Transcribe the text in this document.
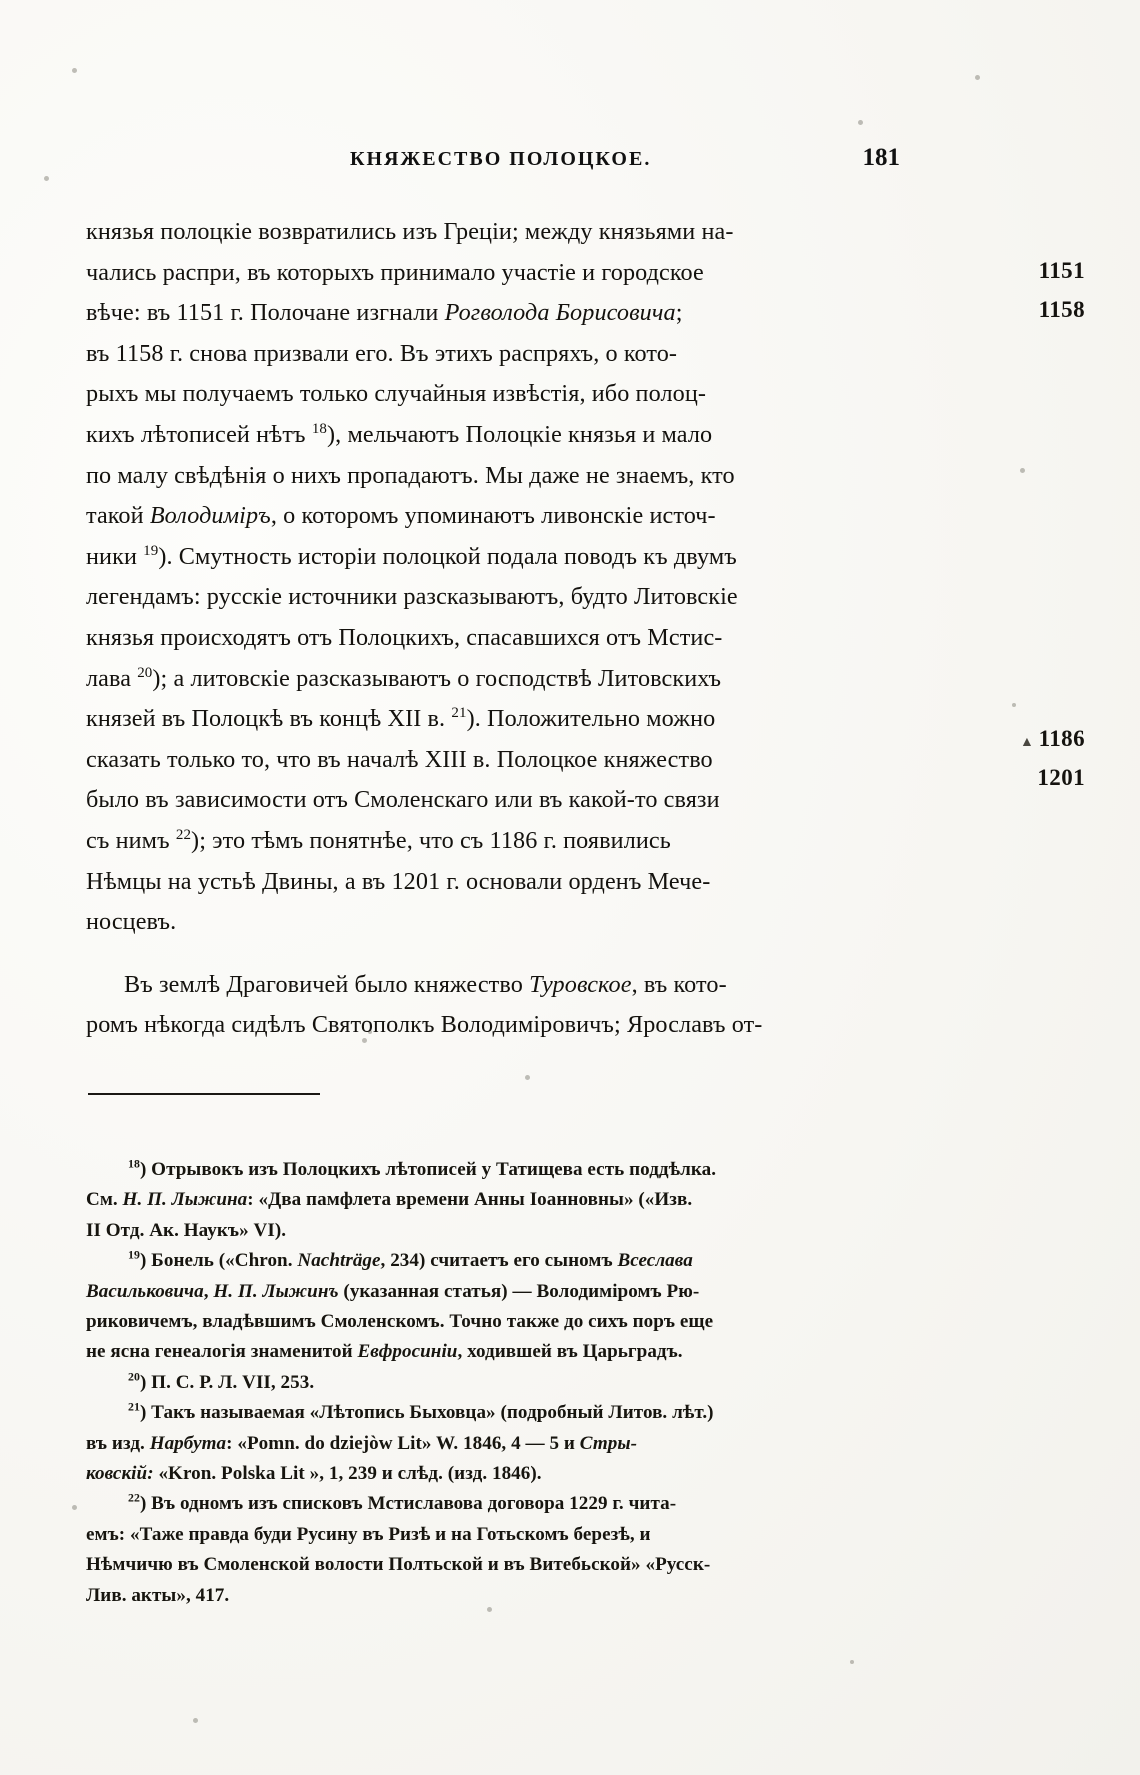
КНЯЖЕСТВО ПОЛОЦКОЕ.	181
1151
1158
1186
1201
князья полоцкіе возвратились изъ Греціи; между князьями на-
чались распри, въ которыхъ принимало участіе и городское
вѣче: въ 1151 г. Полочане изгнали Рогволода Борисовича;
въ 1158 г. снова призвали его. Въ этихъ распряхъ, о кото-
рыхъ мы получаемъ только случайныя извѣстія, ибо полоц-
кихъ лѣтописей нѣтъ $^{18}$), мельчаютъ Полоцкіе князья и мало
по малу свѣдѣнія о нихъ пропадаютъ. Мы даже не знаемъ, кто
такой Володиміръ, о которомъ упоминаютъ ливонскіе источ-
ники $^{19}$). Смутность исторіи полоцкой подала поводъ къ двумъ
легендамъ: русскіе источники разсказываютъ, будто Литовскіе
князья происходятъ отъ Полоцкихъ, спасавшихся отъ Мстис-
лава $^{20}$); а литовскіе разсказываютъ о господствѣ Литовскихъ
князей въ Полоцкѣ въ концѣ XII в. $^{21}$). Положительно можно
сказать только то, что въ началѣ XIII в. Полоцкое княжество
было въ зависимости отъ Смоленскаго или въ какой-то связи
съ нимъ $^{22}$); это тѣмъ понятнѣе, что съ 1186 г. появились
Нѣмцы на устьѣ Двины, а въ 1201 г. основали орденъ Мече-
носцевъ.
Въ землѣ Драговичей было княжество Туровское, въ кото-
ромъ нѣкогда сидѣлъ Святополкъ Володиміровичъ; Ярославъ от-
$^{18}$) Отрывокъ изъ Полоцкихъ лѣтописей у Татищева есть поддѣлка.
См. Н. П. Лыжина: «Два памфлета времени Анны Іоанновны» («Изв.
II Отд. Ак. Наукъ» VI).
$^{19}$) Бонель («Chron. Nachträge, 234) считаетъ его сыномъ Всеслава
Васильковича, Н. П. Лыжинъ (указанная статья) — Володиміромъ Рю-
риковичемъ, владѣвшимъ Смоленскомъ. Точно также до сихъ поръ еще
не ясна генеалогія знаменитой Евфросиніи, ходившей въ Царьградъ.
$^{20}$) П. С. Р. Л. VII, 253.
$^{21}$) Такъ называемая «Лѣтопись Быховца» (подробный Литов. лѣт.)
въ изд. Нарбута: «Pomn. do dziejòw Lit» W. 1846, 4 — 5 и Стры-
ковскій: «Kron. Polska Lit », 1, 239 и слѣд. (изд. 1846).
$^{22}$) Въ одномъ изъ списковъ Мстиславова договора 1229 г. чита-
емъ: «Таже правда буди Русину въ Ризѣ и на Готьскомъ березѣ, и
Нѣмчичю въ Смоленской волости Полтьской и въ Витебьской» «Русск-
Лив. акты», 417.
▲
